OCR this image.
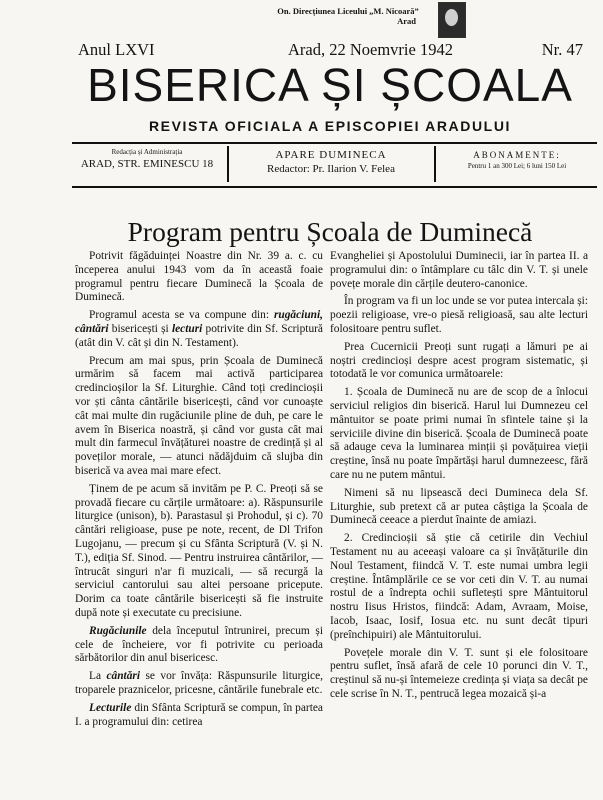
On. Direcțiunea Liceului „M. Nicoară”
Arad
Anul LXVI	Arad, 22 Noemvrie 1942	Nr. 47
BISERICA ȘI ȘCOALA
REVISTA OFICIALA A EPISCOPIEI ARADULUI
Redacția și Administrația
ARAD, STR. EMINESCU 18
APARE DUMINECA
Redactor: Pr. Ilarion V. Felea
ABONAMENTE:
Pentru 1 an 300 Lei; 6 luni 150 Lei
Program pentru Școala de Duminecă

Potrivit făgăduinței Noastre din Nr. 39 a. c. cu începerea anului 1943 vom da în această foaie programul pentru fiecare Duminecă la Școala de Duminecă.

Programul acesta se va compune din: rugăciuni, cântări bisericești și lecturi potrivite din Sf. Scriptură (atât din V. cât și din N. Testament).

Precum am mai spus, prin Școala de Duminecă urmărim să facem mai activă participarea credincioșilor la Sf. Liturghie. Când toți credincioșii vor ști cânta cântările bisericești, când vor cunoaște cât mai multe din rugăciunile pline de duh, pe care le avem în Biserica noastră, și când vor gusta cât mai mult din farmecul învățăturei noastre de credință și al poveților morale, — atunci nădăjduim că slujba din biserică va avea mai mare efect.

Ținem de pe acum să invităm pe P. C. Preoți să se provadă fiecare cu cărțile următoare: a). Răspunsurile liturgice (unison), b). Parastasul și Prohodul, și c). 70 cântări religioase, puse pe note, recent, de Dl Trifon Lugojanu, — precum și cu Sfânta Scriptură (V. și N. T.), ediția Sf. Sinod. — Pentru instruirea cântărilor, — întrucât singuri n'ar fi muzicali, — să recurgă la serviciul cantorului sau altei persoane pricepute. Dorim ca toate cântările bisericești să fie instruite după note și executate cu precisiune.

Rugăciunile dela începutul întrunirei, precum și cele de încheiere, vor fi potrivite cu perioada sărbătorilor din anul bisericesc.

La cântări se vor învăța: Răspunsurile liturgice, troparele praznicelor, pricesne, cântările funebrale etc.

Lecturile din Sfânta Scriptură se compun, în partea I. a programului din: cetirea

Evangheliei și Apostolului Duminecii, iar în partea II. a programului din: o întâmplare cu tâlc din V. T. și unele povețe morale din cărțile deutero-canonice.

În program va fi un loc unde se vor putea intercala și: poezii religioase, vre-o piesă religioasă, sau alte lecturi folositoare pentru suflet.

Prea Cucernicii Preoți sunt rugați a lămuri pe ai noștri credincioși despre acest program sistematic, și totodată le vor comunica următoarele:

1. Școala de Duminecă nu are de scop de a înlocui serviciul religios din biserică. Harul lui Dumnezeu cel mântuitor se poate primi numai în sfintele taine și la serviciile divine din biserică. Școala de Duminecă poate să adauge ceva la luminarea minții și povățuirea vieții creștine, însă nu poate împărtăși harul dumnezeesc, fără care nu ne putem mântui.

Nimeni să nu lipsească deci Dumineca dela Sf. Liturghie, sub pretext că ar putea câștiga la Școala de Duminecă ceeace a pierdut înainte de amiazi.

2. Credincioșii să știe că cetirile din Vechiul Testament nu au aceeași valoare ca și învățăturile din Noul Testament, fiindcă V. T. este numai umbra legii creștine. Întâmplările ce se vor ceti din V. T. au numai rostul de a îndrepta ochii sufletești spre Mântuitorul nostru Iisus Hristos, fiindcă: Adam, Avraam, Moise, Iacob, Isaac, Iosif, Iosua etc. nu sunt decât tipuri (preînchipuiri) ale Mântuitorului.

Povețele morale din V. T. sunt și ele folositoare pentru suflet, însă afară de cele 10 porunci din V. T., creștinul să nu-și întemeieze credința și viața sa decât pe cele scrise în N. T., pentrucă legea mozaică și-a
